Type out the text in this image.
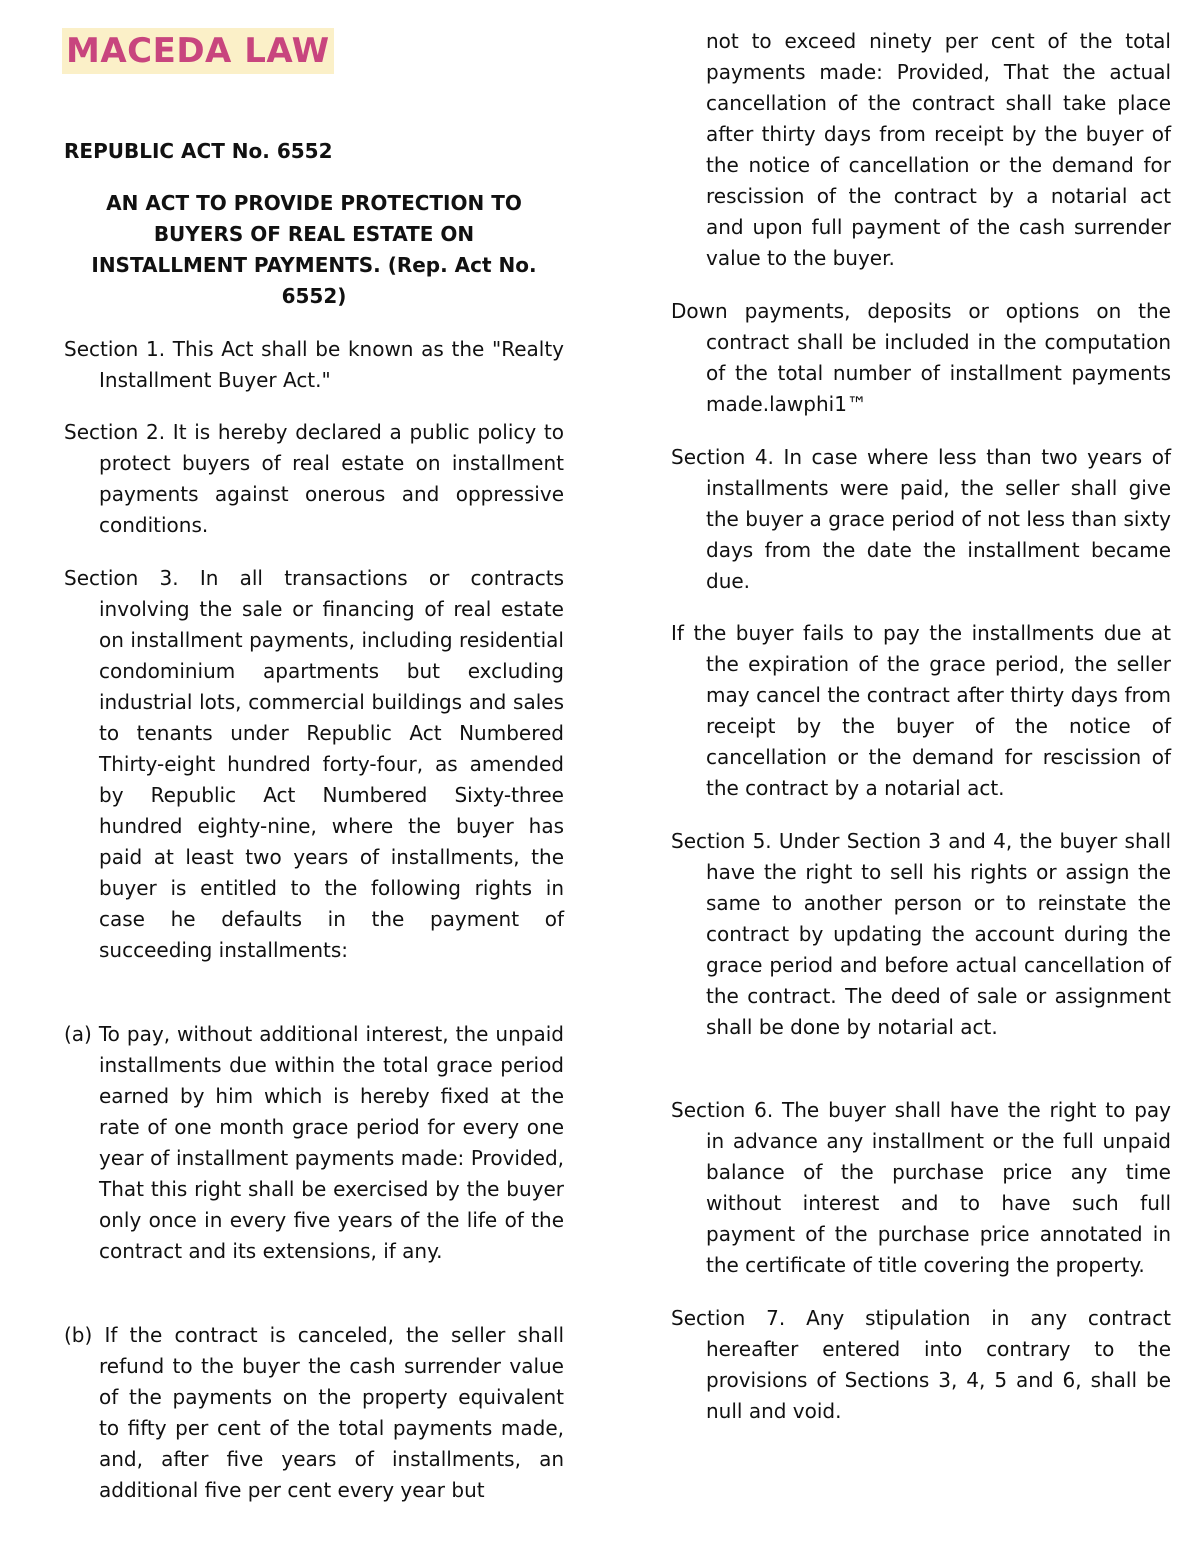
MACEDA LAW

REPUBLIC ACT No. 6552

AN ACT TO PROVIDE PROTECTION TO BUYERS OF REAL ESTATE ON INSTALLMENT PAYMENTS. (Rep. Act No. 6552)

Section 1. This Act shall be known as the "Realty Installment Buyer Act."

Section 2. It is hereby declared a public policy to protect buyers of real estate on installment payments against onerous and oppressive conditions.

Section 3. In all transactions or contracts involving the sale or financing of real estate on installment payments, including residential condominium apartments but excluding industrial lots, commercial buildings and sales to tenants under Republic Act Numbered Thirty-eight hundred forty-four, as amended by Republic Act Numbered Sixty-three hundred eighty-nine, where the buyer has paid at least two years of installments, the buyer is entitled to the following rights in case he defaults in the payment of succeeding installments:

(a) To pay, without additional interest, the unpaid installments due within the total grace period earned by him which is hereby fixed at the rate of one month grace period for every one year of installment payments made: Provided, That this right shall be exercised by the buyer only once in every five years of the life of the contract and its extensions, if any.

(b) If the contract is canceled, the seller shall refund to the buyer the cash surrender value of the payments on the property equivalent to fifty per cent of the total payments made, and, after five years of installments, an additional five per cent every year but

not to exceed ninety per cent of the total payments made: Provided, That the actual cancellation of the contract shall take place after thirty days from receipt by the buyer of the notice of cancellation or the demand for rescission of the contract by a notarial act and upon full payment of the cash surrender value to the buyer.

Down payments, deposits or options on the contract shall be included in the computation of the total number of installment payments made.lawphi1™

Section 4. In case where less than two years of installments were paid, the seller shall give the buyer a grace period of not less than sixty days from the date the installment became due.

If the buyer fails to pay the installments due at the expiration of the grace period, the seller may cancel the contract after thirty days from receipt by the buyer of the notice of cancellation or the demand for rescission of the contract by a notarial act.

Section 5. Under Section 3 and 4, the buyer shall have the right to sell his rights or assign the same to another person or to reinstate the contract by updating the account during the grace period and before actual cancellation of the contract. The deed of sale or assignment shall be done by notarial act.

Section 6. The buyer shall have the right to pay in advance any installment or the full unpaid balance of the purchase price any time without interest and to have such full payment of the purchase price annotated in the certificate of title covering the property.

Section 7. Any stipulation in any contract hereafter entered into contrary to the provisions of Sections 3, 4, 5 and 6, shall be null and void.
